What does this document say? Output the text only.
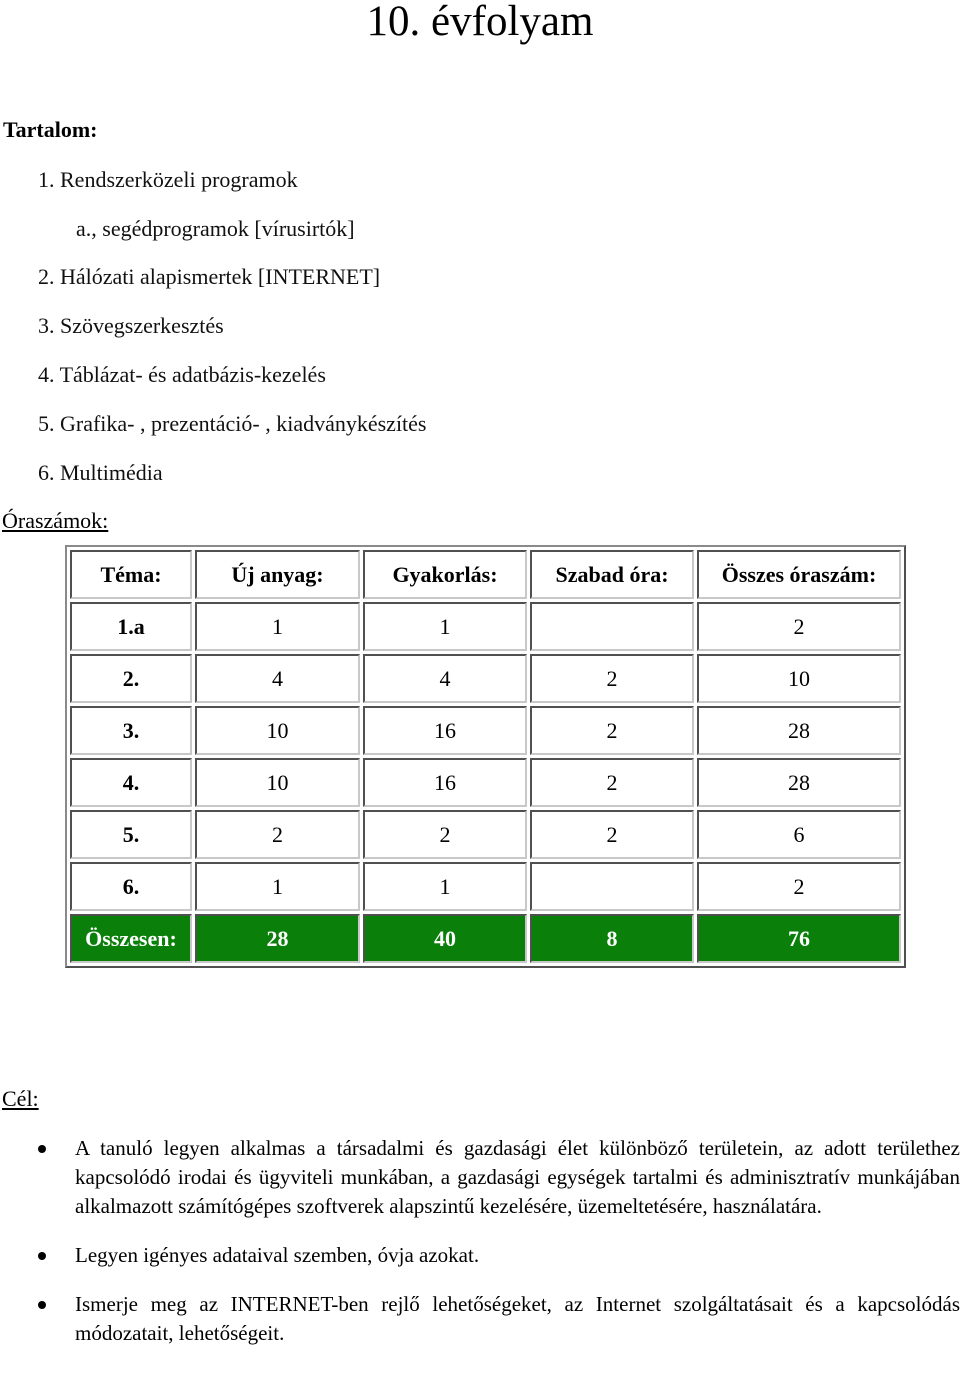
10. évfolyam
Tartalom:
1. Rendszerközeli programok
a., segédprogramok [vírusirtók]
2. Hálózati alapismertek [INTERNET]
3. Szövegszerkesztés
4. Táblázat- és adatbázis-kezelés
5. Grafika- , prezentáció- , kiadványkészítés
6. Multimédia
Óraszámok:
Téma:	Új anyag:	Gyakorlás:	Szabad óra:	Összes óraszám:
1.a	1	1		2
2.	4	4	2	10
3.	10	16	2	28
4.	10	16	2	28
5.	2	2	2	6
6.	1	1		2
Összesen:	28	40	8	76
Cél:
A tanuló legyen alkalmas a társadalmi és gazdasági élet különböző területein, az adott területhez kapcsolódó irodai és ügyviteli munkában, a gazdasági egységek tartalmi és adminisztratív munkájában alkalmazott számítógépes szoftverek alapszintű kezelésére, üzemeltetésére, használatára.
Legyen igényes adataival szemben, óvja azokat.
Ismerje meg az INTERNET-ben rejlő lehetőségeket, az Internet szolgáltatásait és a kapcsolódás módozatait, lehetőségeit.
